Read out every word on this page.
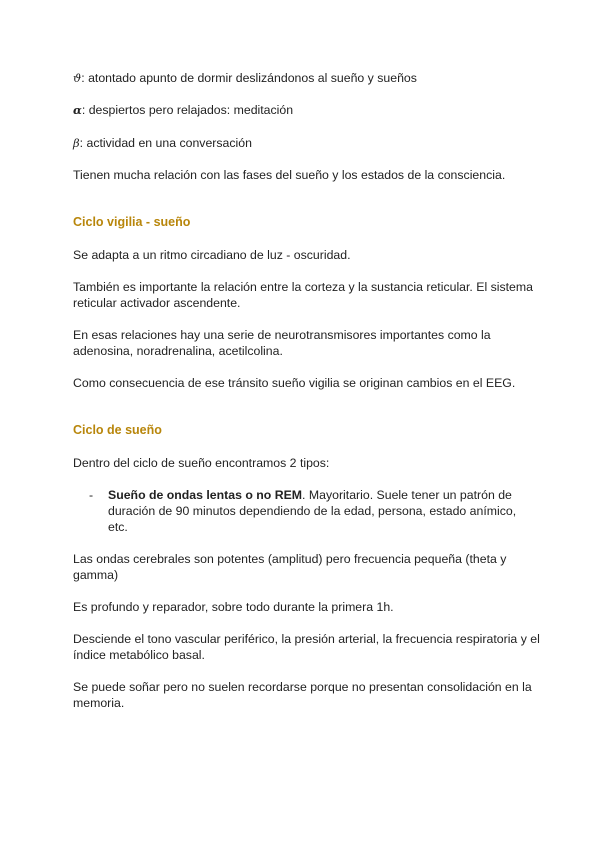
ϑ: atontado apunto de dormir deslizándonos al sueño y sueños

α: despiertos pero relajados: meditación

β: actividad en una conversación

Tienen mucha relación con las fases del sueño y los estados de la consciencia.

Ciclo vigilia - sueño

Se adapta a un ritmo circadiano de luz - oscuridad.

También es importante la relación entre la corteza y la sustancia reticular. El sistema reticular activador ascendente.

En esas relaciones hay una serie de neurotransmisores importantes como la adenosina, noradrenalina, acetilcolina.

Como consecuencia de ese tránsito sueño vigilia se originan cambios en el EEG.

Ciclo de sueño

Dentro del ciclo de sueño encontramos 2 tipos:

- Sueño de ondas lentas o no REM. Mayoritario. Suele tener un patrón de duración de 90 minutos dependiendo de la edad, persona, estado anímico, etc.

Las ondas cerebrales son potentes (amplitud) pero frecuencia pequeña (theta y gamma)

Es profundo y reparador, sobre todo durante la primera 1h.

Desciende el tono vascular periférico, la presión arterial, la frecuencia respiratoria y el índice metabólico basal.

Se puede soñar pero no suelen recordarse porque no presentan consolidación en la memoria.
